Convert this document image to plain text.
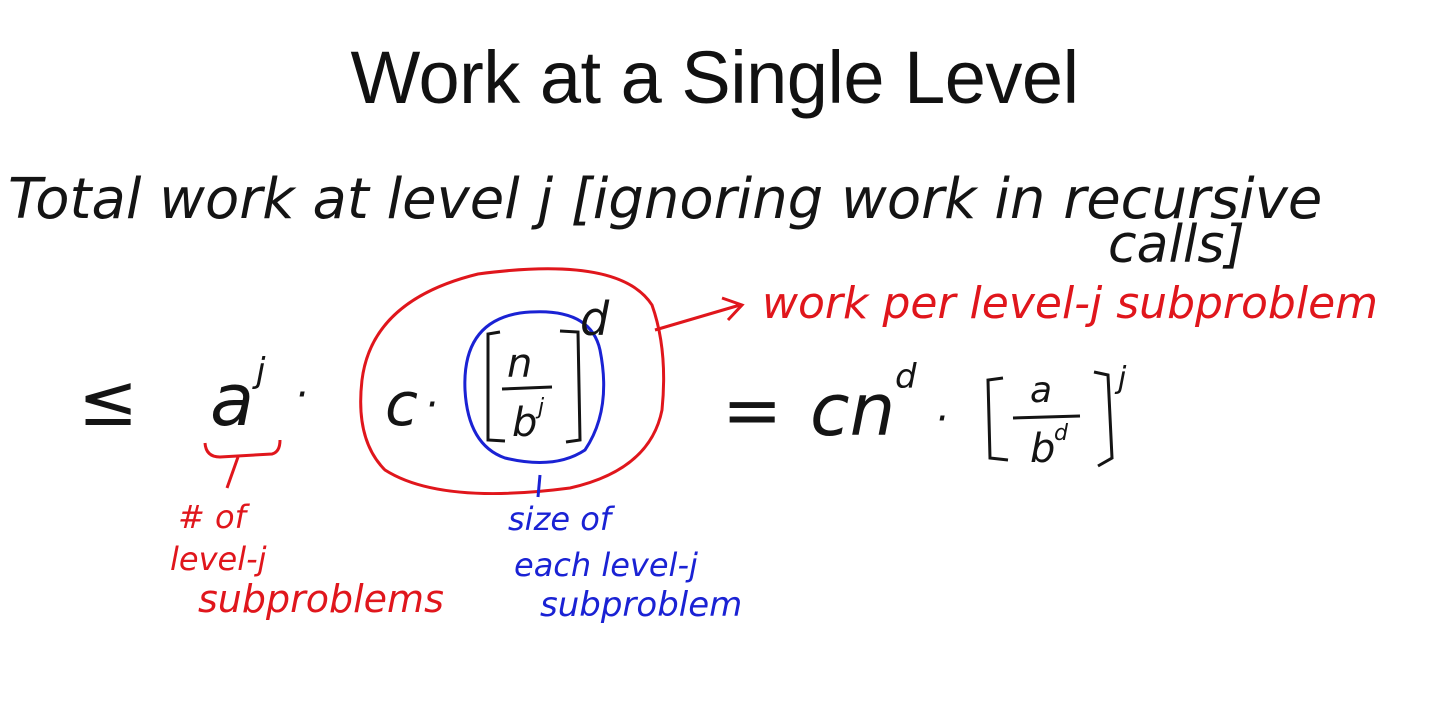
Work at a Single Level
Total work at level j [ignoring work in recursive
calls]
≤ a j
· c ·
n
b j
d	work per level-j subproblem
= cn d
·
a
b
d
j
# of
level-j
subproblems
size of
each level-j
subproblem
